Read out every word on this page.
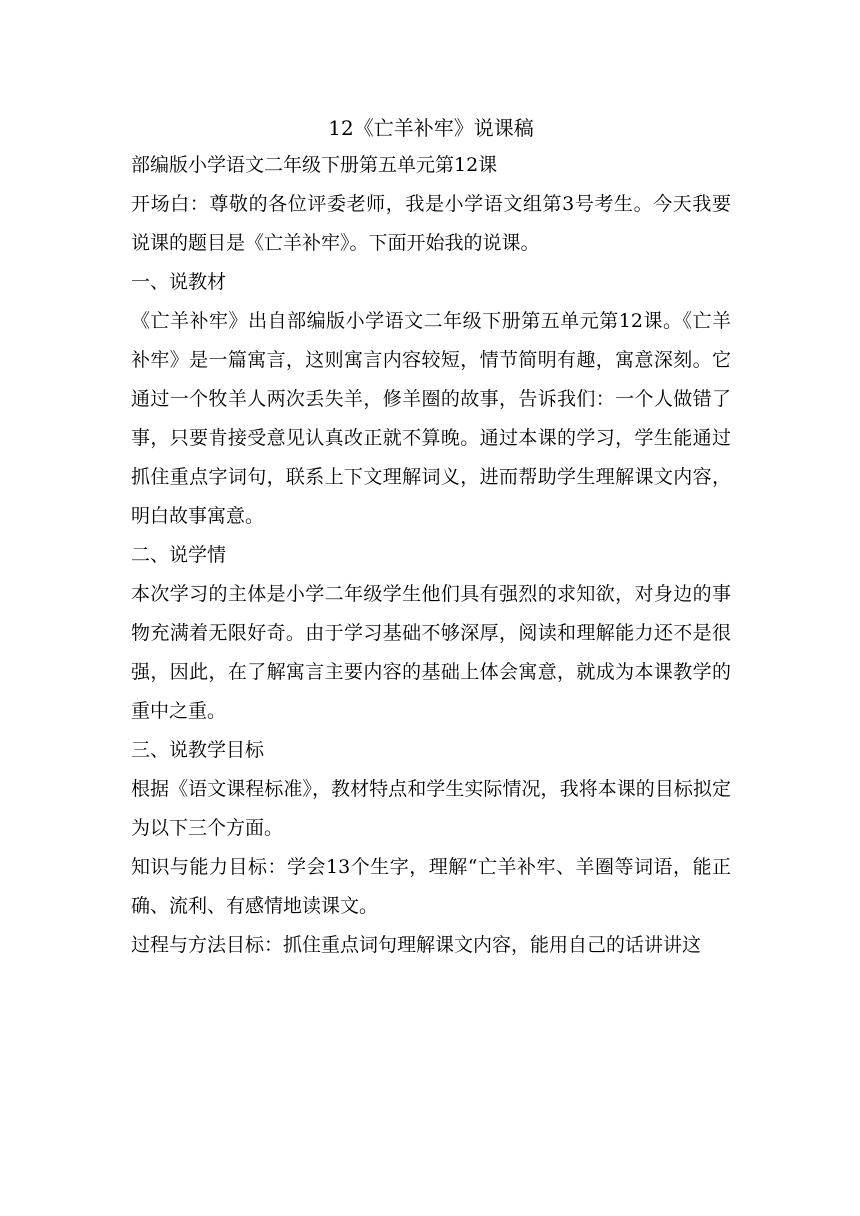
12《亡羊补牢》说课稿

部编版小学语文二年级下册第五单元第12课

开场白：尊敬的各位评委老师，我是小学语文组第3号考生。今天我要说课的题目是《亡羊补牢》。下面开始我的说课。

一、说教材

《亡羊补牢》出自部编版小学语文二年级下册第五单元第12课。《亡羊补牢》是一篇寓言，这则寓言内容较短，情节简明有趣，寓意深刻。它通过一个牧羊人两次丢失羊，修羊圈的故事，告诉我们：一个人做错了事，只要肯接受意见认真改正就不算晚。通过本课的学习，学生能通过抓住重点字词句，联系上下文理解词义，进而帮助学生理解课文内容，明白故事寓意。

二、说学情

本次学习的主体是小学二年级学生他们具有强烈的求知欲，对身边的事物充满着无限好奇。由于学习基础不够深厚，阅读和理解能力还不是很强，因此，在了解寓言主要内容的基础上体会寓意，就成为本课教学的重中之重。

三、说教学目标

根据《语文课程标准》，教材特点和学生实际情况，我将本课的目标拟定为以下三个方面。

知识与能力目标：学会13个生字，理解“亡羊补牢、羊圈等词语，能正确、流利、有感情地读课文。

过程与方法目标：抓住重点词句理解课文内容，能用自己的话讲讲这
